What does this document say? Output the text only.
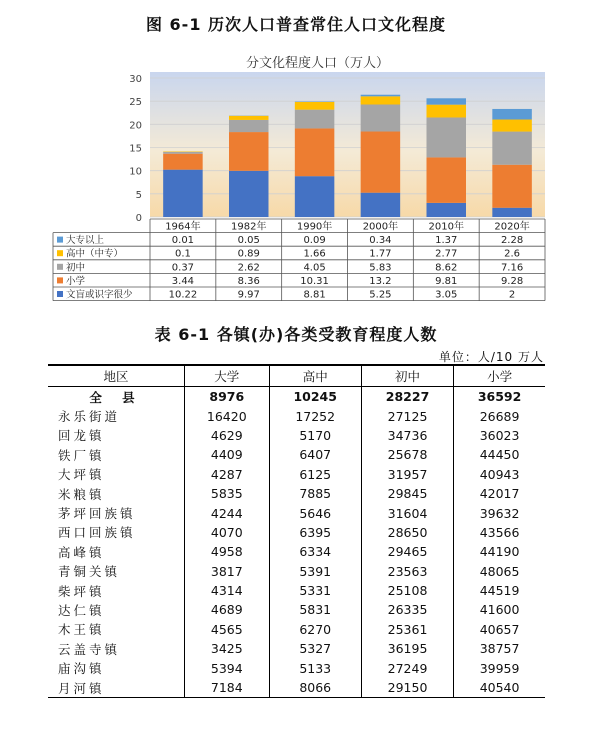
图 6-1 历次人口普查常住人口文化程度
分文化程度人口（万人）
0
5
10
15
20
25
30
1964年	1982年	1990年	2000年	2010年	2020年
大专以上	0.01	0.05	0.09	0.34	1.37	2.28
高中（中专）	0.1	0.89	1.66	1.77	2.77	2.6
初中	0.37	2.62	4.05	5.83	8.62	7.16
小学	3.44	8.36	10.31	13.2	9.81	9.28
文盲或识字很少	10.22	9.97	8.81	5.25	3.05	2
表 6-1 各镇(办)各类受教育程度人数
单位：人/10 万人
地区	大学	高中	初中	小学
全 县	8976	10245	28227	36592
永乐街道	16420	17252	27125	26689
回龙镇	4629	5170	34736	36023
铁厂镇	4409	6407	25678	44450
大坪镇	4287	6125	31957	40943
米粮镇	5835	7885	29845	42017
茅坪回族镇	4244	5646	31604	39632
西口回族镇	4070	6395	28650	43566
高峰镇	4958	6334	29465	44190
青铜关镇	3817	5391	23563	48065
柴坪镇	4314	5331	25108	44519
达仁镇	4689	5831	26335	41600
木王镇	4565	6270	25361	40657
云盖寺镇	3425	5327	36195	38757
庙沟镇	5394	5133	27249	39959
月河镇	7184	8066	29150	40540
